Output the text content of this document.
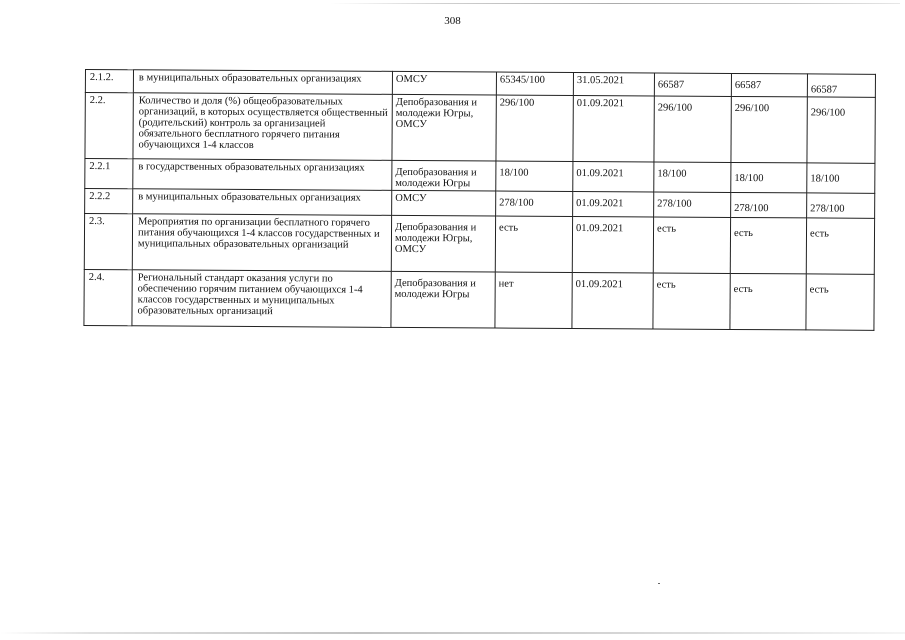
308
2.1.2.	в муниципальных образовательных организациях	ОМСУ	65345/100	31.05.2021	66587	66587	66587
2.2.	Количество и доля (%) общеобразовательных организаций, в которых осуществляется общественный (родительский) контроль за организацией обязательного бесплатного горячего питания обучающихся 1-4 классов	Депобразования и молодежи Югры, ОМСУ	296/100	01.09.2021	296/100	296/100	296/100
2.2.1	в государственных образовательных организациях	Депобразования и молодежи Югры	18/100	01.09.2021	18/100	18/100	18/100
2.2.2	в муниципальных образовательных организациях	ОМСУ	278/100	01.09.2021	278/100	278/100	278/100
2.3.	Мероприятия по организации бесплатного горячего питания обучающихся 1-4 классов государственных и муниципальных образовательных организаций	Депобразования и молодежи Югры, ОМСУ	есть	01.09.2021	есть	есть	есть
2.4.	Региональный стандарт оказания услуги по обеспечению горячим питанием обучающихся 1-4 классов государственных и муниципальных образовательных организаций	Депобразования и молодежи Югры	нет	01.09.2021	есть	есть	есть
